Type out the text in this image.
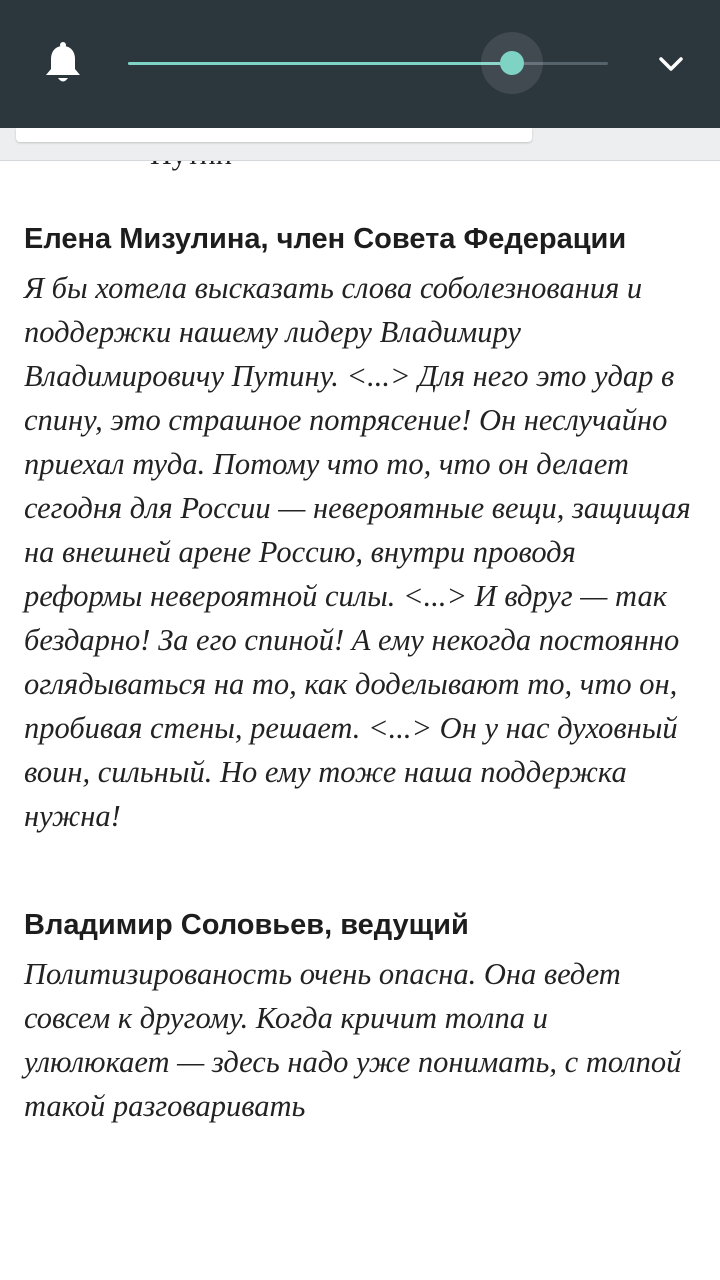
Елена Мизулина, член Совета Федерации

Я бы хотела высказать слова соболезнования и поддержки нашему лидеру Владимиру Владимировичу Путину. <...> Для него это удар в спину, это страшное потрясение! Он неслучайно приехал туда. Потому что то, что он делает сегодня для России — невероятные вещи, защищая на внешней арене Россию, внутри проводя реформы невероятной силы. <...> И вдруг — так бездарно! За его спиной! А ему некогда постоянно оглядываться на то, как доделывают то, что он, пробивая стены, решает. <...> Он у нас духовный воин, сильный. Но ему тоже наша поддержка нужна!

Владимир Соловьев, ведущий

Политизированость очень опасна. Она ведет совсем к другому. Когда кричит толпа и улюлюкает — здесь надо уже понимать, с толпой такой разговаривать
